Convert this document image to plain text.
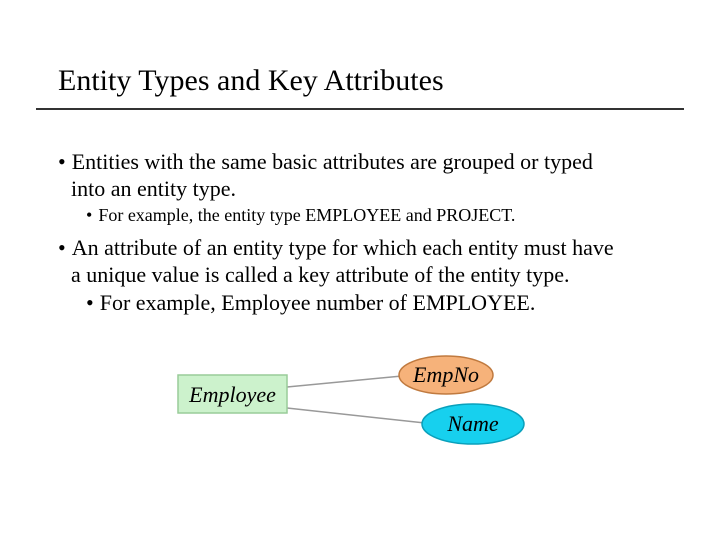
Entity Types and Key Attributes
• Entities with the same basic attributes are grouped or typed
into an entity type.
• For example, the entity type EMPLOYEE and PROJECT.
• An attribute of an entity type for which each entity must have
a unique value is called a key attribute of the entity type.
• For example, Employee number of EMPLOYEE.
Employee
EmpNo
Name
